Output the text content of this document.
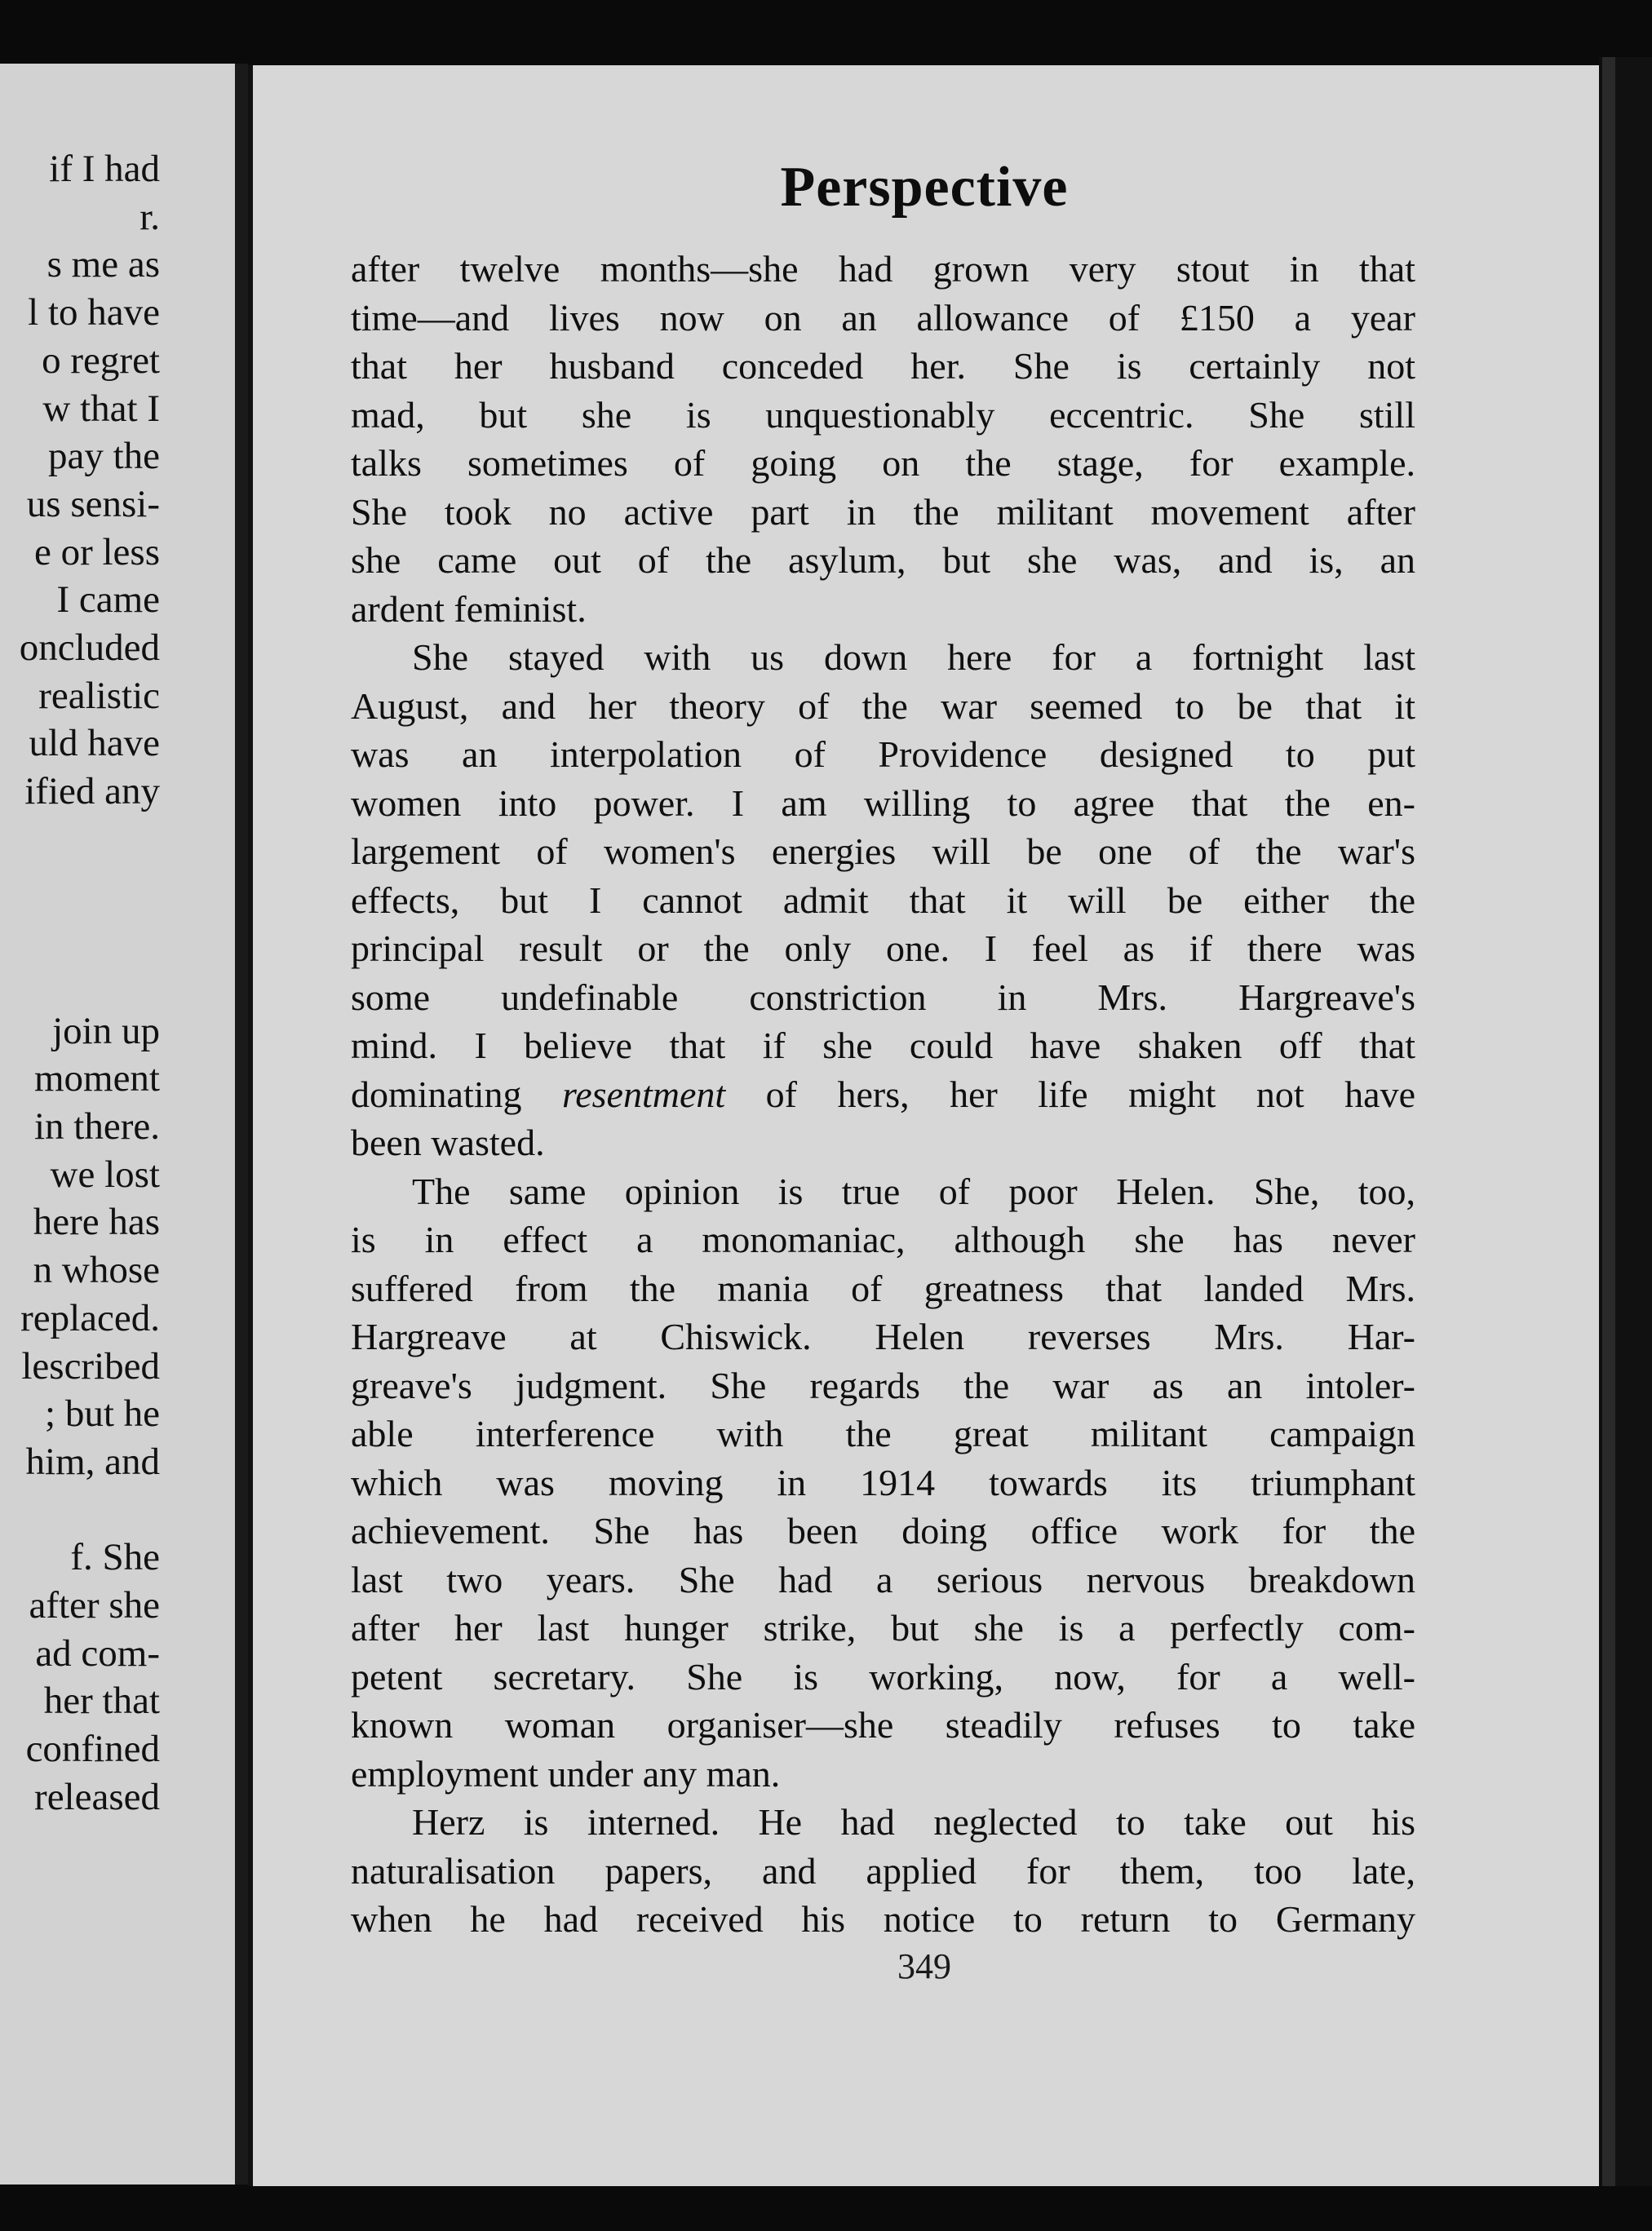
if I had
r.
s me as
l to have
o regret
w that I
pay the
us sensi-
e or less
I came
oncluded
realistic
uld have
ified any
join up
moment
in there.
we lost
here has
n whose
replaced.
lescribed
; but he
him, and
f. She
after she
ad com-
her that
confined
released
Perspective
after twelve months—she had grown very stout in that
time—and lives now on an allowance of £150 a year
that her husband conceded her. She is certainly not
mad, but she is unquestionably eccentric. She still
talks sometimes of going on the stage, for example.
She took no active part in the militant movement after
she came out of the asylum, but she was, and is, an
ardent feminist.
She stayed with us down here for a fortnight last
August, and her theory of the war seemed to be that it
was an interpolation of Providence designed to put
women into power. I am willing to agree that the en-
largement of women's energies will be one of the war's
effects, but I cannot admit that it will be either the
principal result or the only one. I feel as if there was
some undefinable constriction in Mrs. Hargreave's
mind. I believe that if she could have shaken off that
dominating resentment of hers, her life might not have
been wasted.
The same opinion is true of poor Helen. She, too,
is in effect a monomaniac, although she has never
suffered from the mania of greatness that landed Mrs.
Hargreave at Chiswick. Helen reverses Mrs. Har-
greave's judgment. She regards the war as an intoler-
able interference with the great militant campaign
which was moving in 1914 towards its triumphant
achievement. She has been doing office work for the
last two years. She had a serious nervous breakdown
after her last hunger strike, but she is a perfectly com-
petent secretary. She is working, now, for a well-
known woman organiser—she steadily refuses to take
employment under any man.
Herz is interned. He had neglected to take out his
naturalisation papers, and applied for them, too late,
when he had received his notice to return to Germany
349
